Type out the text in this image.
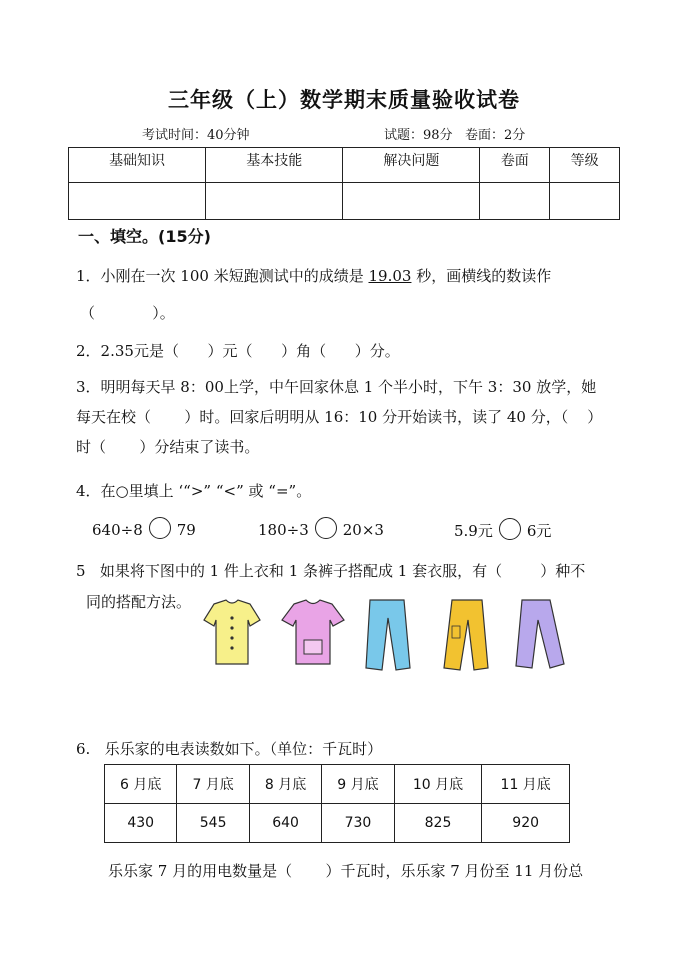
三年级（上）数学期末质量验收试卷
考试时间：40分钟	试题：98分   卷面：2分
基础知识	基本技能	解决问题	卷面	等级

一、填空。(15分)
1．小刚在一次 100 米短跑测试中的成绩是 19.03 秒，画横线的数读作
（            ）。
2．2.35元是（      ）元（      ）角（      ）分。
3．明明每天早 8：00上学，中午回家休息 1 个半小时，下午 3：30 放学，她
每天在校（       ）时。回家后明明从 16：10 分开始读书，读了 40 分，（    ）
时（       ）分结束了读书。
4．在○里填上 ‘“>” “<” 或 “=”。
640÷8 79	180÷3 20×3	5.9元 6元
5   如果将下图中的 1 件上衣和 1 条裤子搭配成 1 套衣服，有（        ）种不
同的搭配方法。
6.   乐乐家的电表读数如下。（单位：千瓦时）
6 月底	7 月底	8 月底	9 月底	10 月底	11 月底
430	545	640	730	825	920
乐乐家 7 月的用电数量是（       ）千瓦时，乐乐家 7 月份至 11 月份总
